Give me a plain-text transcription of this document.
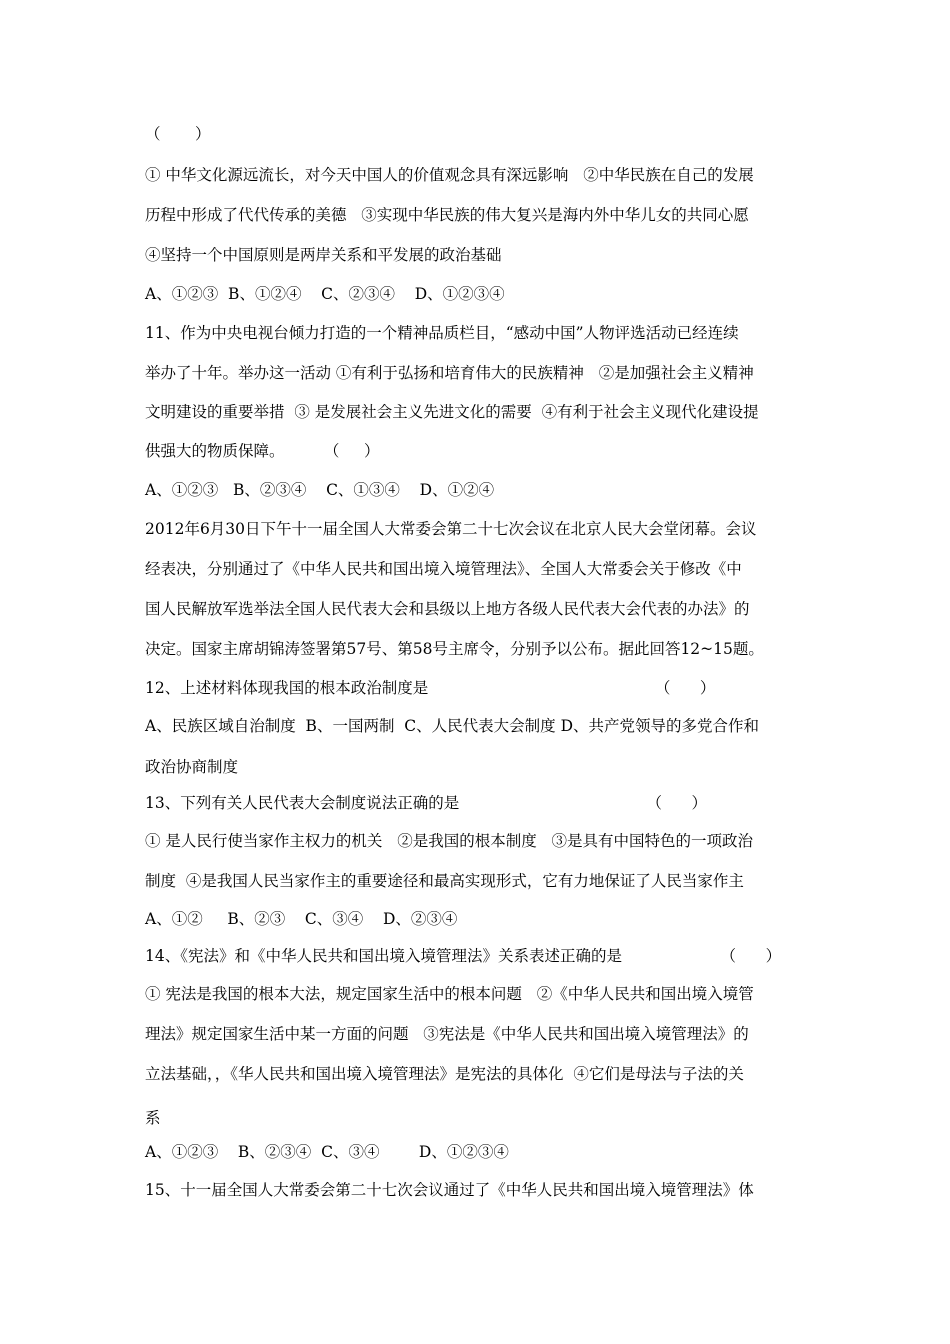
（       ）
① 中华文化源远流长，对今天中国人的价值观念具有深远影响   ②中华民族在自己的发展
历程中形成了代代传承的美德   ③实现中华民族的伟大复兴是海内外中华儿女的共同心愿
④坚持一个中国原则是两岸关系和平发展的政治基础
A、①②③  B、①②④    C、②③④    D、①②③④
11、作为中央电视台倾力打造的一个精神品质栏目，“感动中国”人物评选活动已经连续
举办了十年。举办这一活动 ①有利于弘扬和培育伟大的民族精神   ②是加强社会主义精神
文明建设的重要举措  ③ 是发展社会主义先进文化的需要  ④有利于社会主义现代化建设提
供强大的物质保障。        （     ）
A、①②③   B、②③④    C、①③④    D、①②④
2012年6月30日下午十一届全国人大常委会第二十七次会议在北京人民大会堂闭幕。会议
经表决，分别通过了《中华人民共和国出境入境管理法》、全国人大常委会关于修改《中
国人民解放军选举法全国人民代表大会和县级以上地方各级人民代表大会代表的办法》的
决定。国家主席胡锦涛签署第57号、第58号主席令，分别予以公布。据此回答12~15题。
12、上述材料体现我国的根本政治制度是                                              （      ）
A、民族区域自治制度  B、一国两制  C、人民代表大会制度 D、共产党领导的多党合作和
政治协商制度
13、下列有关人民代表大会制度说法正确的是                                      （      ）
① 是人民行使当家作主权力的机关   ②是我国的根本制度   ③是具有中国特色的一项政治
制度  ④是我国人民当家作主的重要途径和最高实现形式，它有力地保证了人民当家作主
A、①②     B、②③    C、③④    D、②③④
14、《宪法》和《中华人民共和国出境入境管理法》关系表述正确的是                    （      ）
① 宪法是我国的根本大法，规定国家生活中的根本问题   ②《中华人民共和国出境入境管
理法》规定国家生活中某一方面的问题   ③宪法是《中华人民共和国出境入境管理法》的
立法基础，，《华人民共和国出境入境管理法》是宪法的具体化  ④它们是母法与子法的关
系
A、①②③    B、②③④  C、③④        D、①②③④
15、十一届全国人大常委会第二十七次会议通过了《中华人民共和国出境入境管理法》体
